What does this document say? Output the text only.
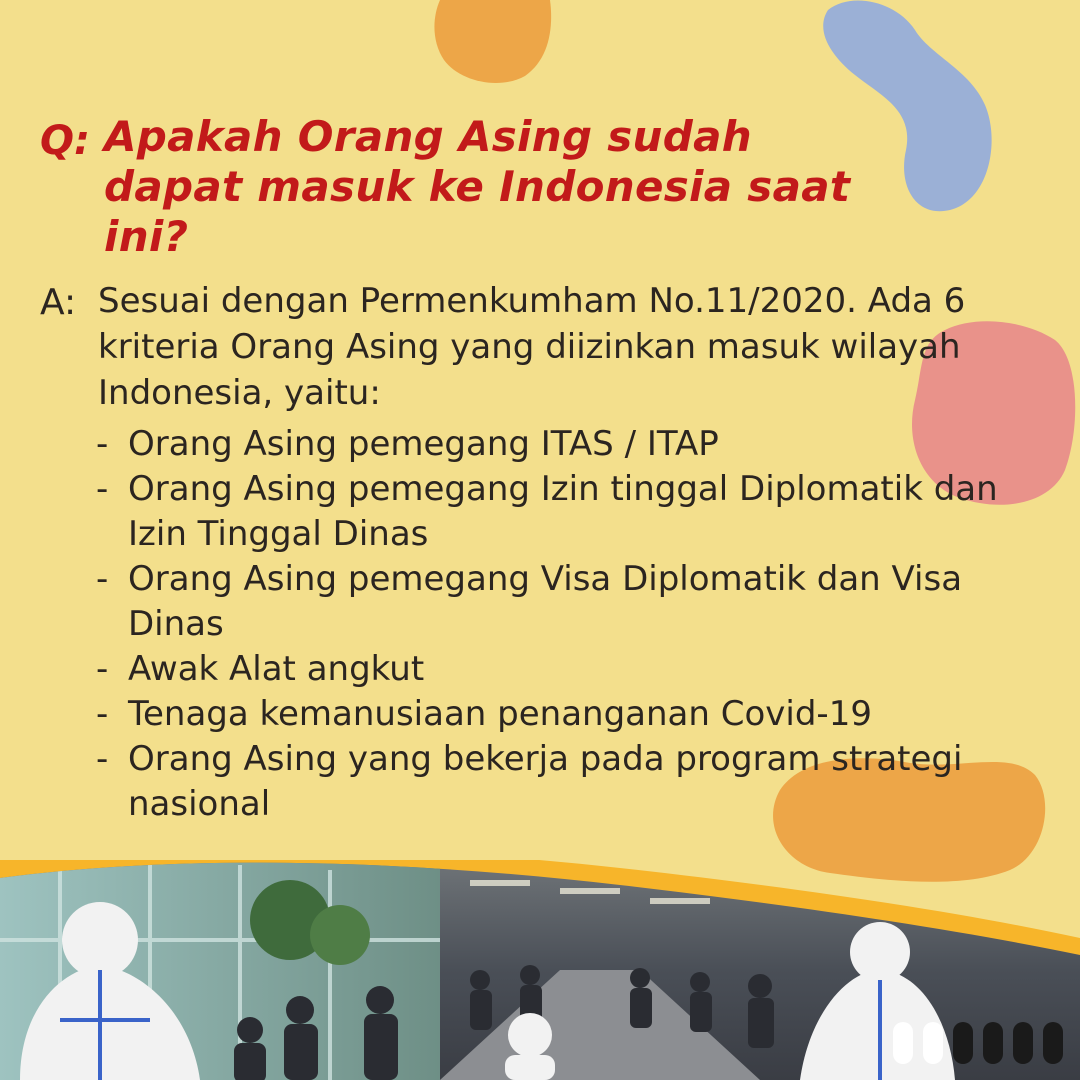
Q: Apakah Orang Asing sudah dapat masuk ke Indonesia saat ini?
A: Sesuai dengan Permenkumham No.11/2020. Ada 6 kriteria Orang Asing yang diizinkan masuk wilayah Indonesia, yaitu:
- Orang Asing pemegang ITAS / ITAP
- Orang Asing pemegang Izin tinggal Diplomatik dan Izin Tinggal Dinas
- Orang Asing pemegang Visa Diplomatik dan Visa Dinas
- Awak Alat angkut
- Tenaga kemanusiaan penanganan Covid-19
- Orang Asing yang bekerja pada program strategi nasional
